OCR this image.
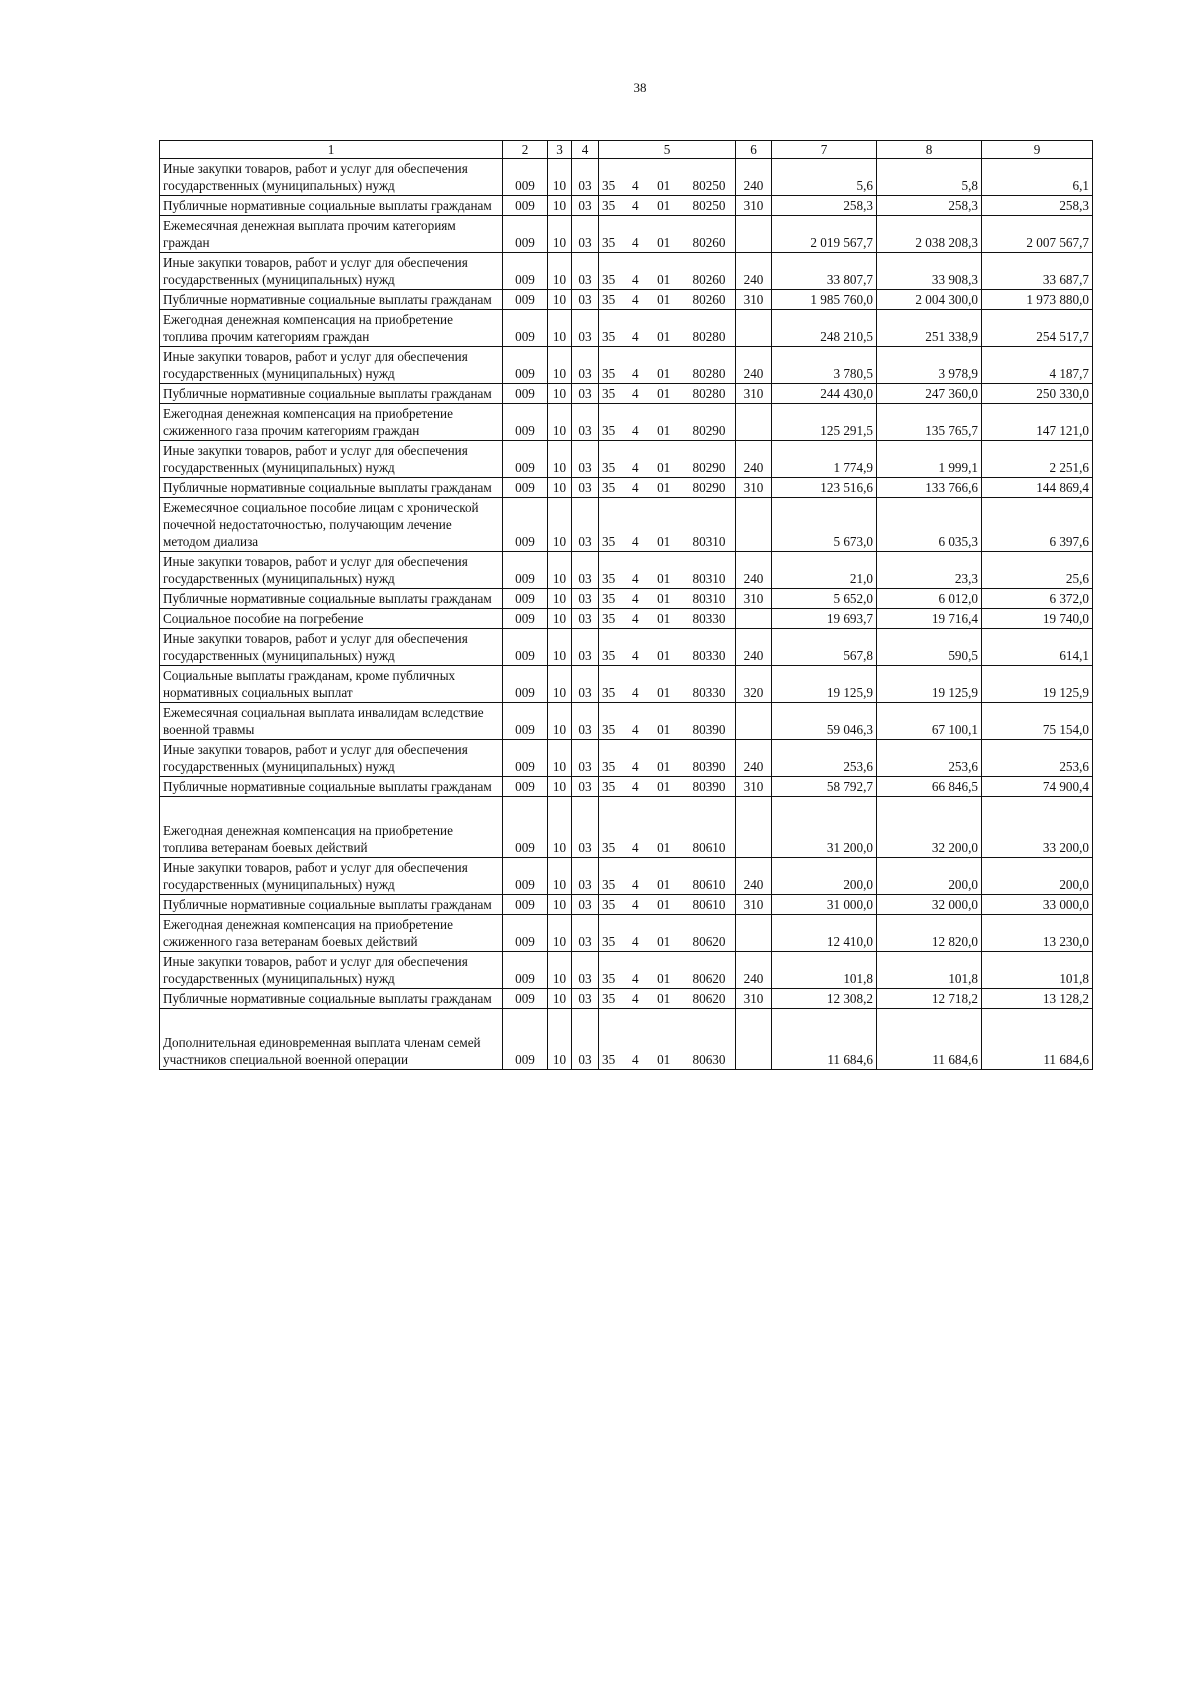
38
1	2	3	4	5	6	7	8	9
Иные закупки товаров, работ и услуг для обеспечения государственных (муниципальных) нужд	009	10	03	35 4 01 80250	240	5,6	5,8	6,1
Публичные нормативные социальные выплаты гражданам	009	10	03	35 4 01 80250	310	258,3	258,3	258,3
Ежемесячная денежная выплата прочим категориям граждан	009	10	03	35 4 01 80260		2 019 567,7	2 038 208,3	2 007 567,7
Иные закупки товаров, работ и услуг для обеспечения государственных (муниципальных) нужд	009	10	03	35 4 01 80260	240	33 807,7	33 908,3	33 687,7
Публичные нормативные социальные выплаты гражданам	009	10	03	35 4 01 80260	310	1 985 760,0	2 004 300,0	1 973 880,0
Ежегодная денежная компенсация на приобретение топлива прочим категориям граждан	009	10	03	35 4 01 80280		248 210,5	251 338,9	254 517,7
Иные закупки товаров, работ и услуг для обеспечения государственных (муниципальных) нужд	009	10	03	35 4 01 80280	240	3 780,5	3 978,9	4 187,7
Публичные нормативные социальные выплаты гражданам	009	10	03	35 4 01 80280	310	244 430,0	247 360,0	250 330,0
Ежегодная денежная компенсация на приобретение сжиженного газа прочим категориям граждан	009	10	03	35 4 01 80290		125 291,5	135 765,7	147 121,0
Иные закупки товаров, работ и услуг для обеспечения государственных (муниципальных) нужд	009	10	03	35 4 01 80290	240	1 774,9	1 999,1	2 251,6
Публичные нормативные социальные выплаты гражданам	009	10	03	35 4 01 80290	310	123 516,6	133 766,6	144 869,4
Ежемесячное социальное пособие лицам с хронической почечной недостаточностью, получающим лечение методом диализа	009	10	03	35 4 01 80310		5 673,0	6 035,3	6 397,6
Иные закупки товаров, работ и услуг для обеспечения государственных (муниципальных) нужд	009	10	03	35 4 01 80310	240	21,0	23,3	25,6
Публичные нормативные социальные выплаты гражданам	009	10	03	35 4 01 80310	310	5 652,0	6 012,0	6 372,0
Социальное пособие на погребение	009	10	03	35 4 01 80330		19 693,7	19 716,4	19 740,0
Иные закупки товаров, работ и услуг для обеспечения государственных (муниципальных) нужд	009	10	03	35 4 01 80330	240	567,8	590,5	614,1
Социальные выплаты гражданам, кроме публичных нормативных социальных выплат	009	10	03	35 4 01 80330	320	19 125,9	19 125,9	19 125,9
Ежемесячная социальная выплата инвалидам вследствие военной травмы	009	10	03	35 4 01 80390		59 046,3	67 100,1	75 154,0
Иные закупки товаров, работ и услуг для обеспечения государственных (муниципальных) нужд	009	10	03	35 4 01 80390	240	253,6	253,6	253,6
Публичные нормативные социальные выплаты гражданам	009	10	03	35 4 01 80390	310	58 792,7	66 846,5	74 900,4
Ежегодная денежная компенсация на приобретение топлива ветеранам боевых действий	009	10	03	35 4 01 80610		31 200,0	32 200,0	33 200,0
Иные закупки товаров, работ и услуг для обеспечения государственных (муниципальных) нужд	009	10	03	35 4 01 80610	240	200,0	200,0	200,0
Публичные нормативные социальные выплаты гражданам	009	10	03	35 4 01 80610	310	31 000,0	32 000,0	33 000,0
Ежегодная денежная компенсация на приобретение сжиженного газа ветеранам боевых действий	009	10	03	35 4 01 80620		12 410,0	12 820,0	13 230,0
Иные закупки товаров, работ и услуг для обеспечения государственных (муниципальных) нужд	009	10	03	35 4 01 80620	240	101,8	101,8	101,8
Публичные нормативные социальные выплаты гражданам	009	10	03	35 4 01 80620	310	12 308,2	12 718,2	13 128,2
Дополнительная единовременная выплата членам семей участников специальной военной операции	009	10	03	35 4 01 80630		11 684,6	11 684,6	11 684,6
